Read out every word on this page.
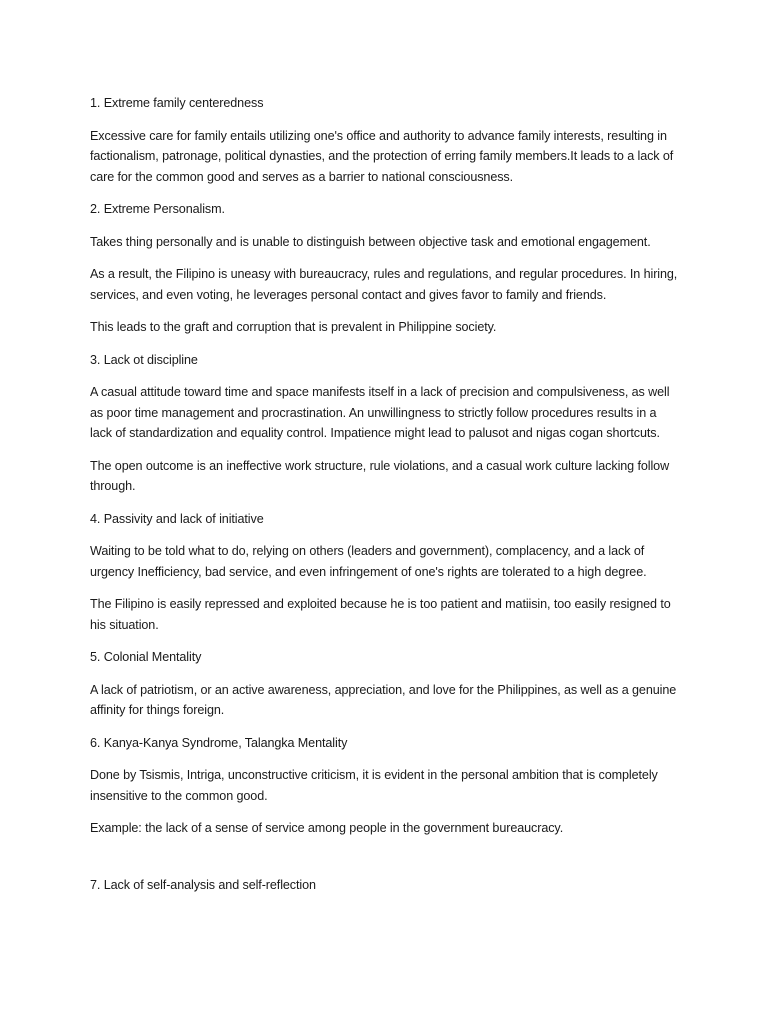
1. Extreme family centeredness

Excessive care for family entails utilizing one's office and authority to advance family interests, resulting in factionalism, patronage, political dynasties, and the protection of erring family members.It leads to a lack of care for the common good and serves as a barrier to national consciousness.

2. Extreme Personalism.

Takes thing personally and is unable to distinguish between objective task and emotional engagement.

As a result, the Filipino is uneasy with bureaucracy, rules and regulations, and regular procedures. In hiring, services, and even voting, he leverages personal contact and gives favor to family and friends.

This leads to the graft and corruption that is prevalent in Philippine society.

3. Lack ot discipline

A casual attitude toward time and space manifests itself in a lack of precision and compulsiveness, as well as poor time management and procrastination. An unwillingness to strictly follow procedures results in a lack of standardization and equality control. Impatience might lead to palusot and nigas cogan shortcuts.

The open outcome is an ineffective work structure, rule violations, and a casual work culture lacking follow through.

4. Passivity and lack of initiative

Waiting to be told what to do, relying on others (leaders and government), complacency, and a lack of urgency Inefficiency, bad service, and even infringement of one's rights are tolerated to a high degree.

The Filipino is easily repressed and exploited because he is too patient and matiisin, too easily resigned to his situation.

5. Colonial Mentality

A lack of patriotism, or an active awareness, appreciation, and love for the Philippines, as well as a genuine affinity for things foreign.

6. Kanya-Kanya Syndrome, Talangka Mentality

Done by Tsismis, Intriga, unconstructive criticism, it is evident in the personal ambition that is completely insensitive to the common good.

Example: the lack of a sense of service among people in the government bureaucracy.

7. Lack of self-analysis and self-reflection
